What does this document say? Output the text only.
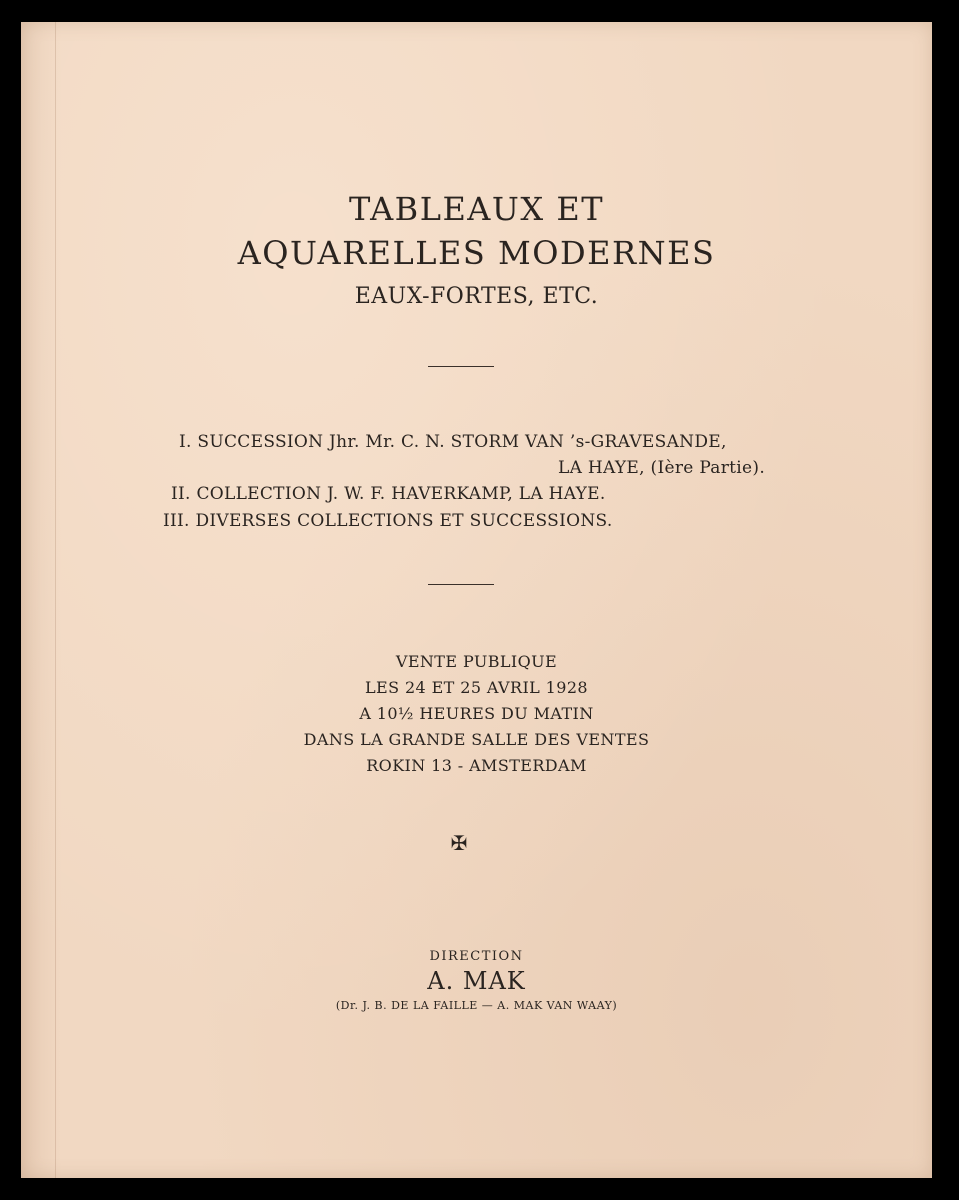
TABLEAUX ET
AQUARELLES MODERNES
EAUX-FORTES, ETC.
I. SUCCESSION Jhr. Mr. C. N. STORM VAN ’s-GRAVESANDE,
LA HAYE, (Ière Partie).
II. COLLECTION J. W. F. HAVERKAMP, LA HAYE.
III. DIVERSES COLLECTIONS ET SUCCESSIONS.
VENTE PUBLIQUE
LES 24 ET 25 AVRIL 1928
A 10½ HEURES DU MATIN
DANS LA GRANDE SALLE DES VENTES
ROKIN 13 - AMSTERDAM
✠
DIRECTION
A. MAK
(Dr. J. B. DE LA FAILLE — A. MAK VAN WAAY)
